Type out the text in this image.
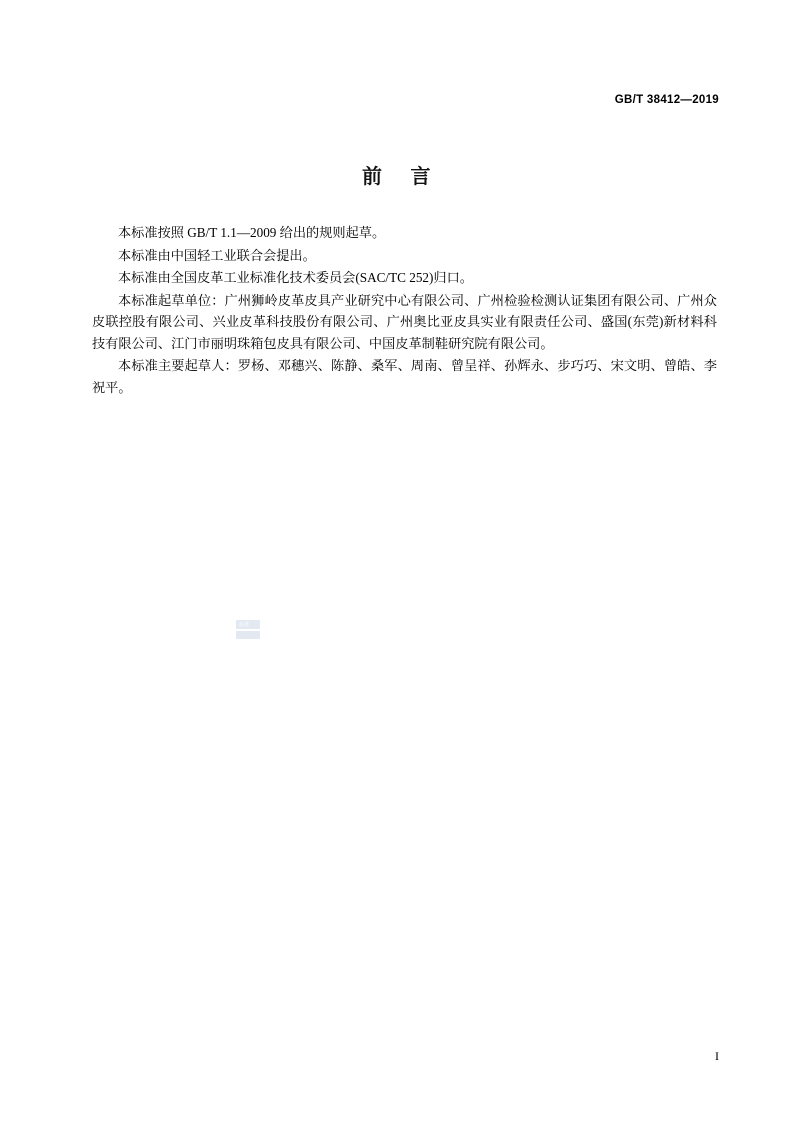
GB/T 38412—2019
前 言

本标准按照 GB/T 1.1—2009 给出的规则起草。

本标准由中国轻工业联合会提出。

本标准由全国皮革工业标准化技术委员会(SAC/TC 252)归口。

本标准起草单位：广州狮岭皮革皮具产业研究中心有限公司、广州检验检测认证集团有限公司、广州众皮联控股有限公司、兴业皮革科技股份有限公司、广州奥比亚皮具实业有限责任公司、盛国(东莞)新材料科技有限公司、江门市丽明珠箱包皮具有限公司、中国皮革制鞋研究院有限公司。

本标准主要起草人：罗杨、邓穗兴、陈静、桑军、周南、曾呈祥、孙辉永、步巧巧、宋文明、曾皓、李祝平。

标准
I
